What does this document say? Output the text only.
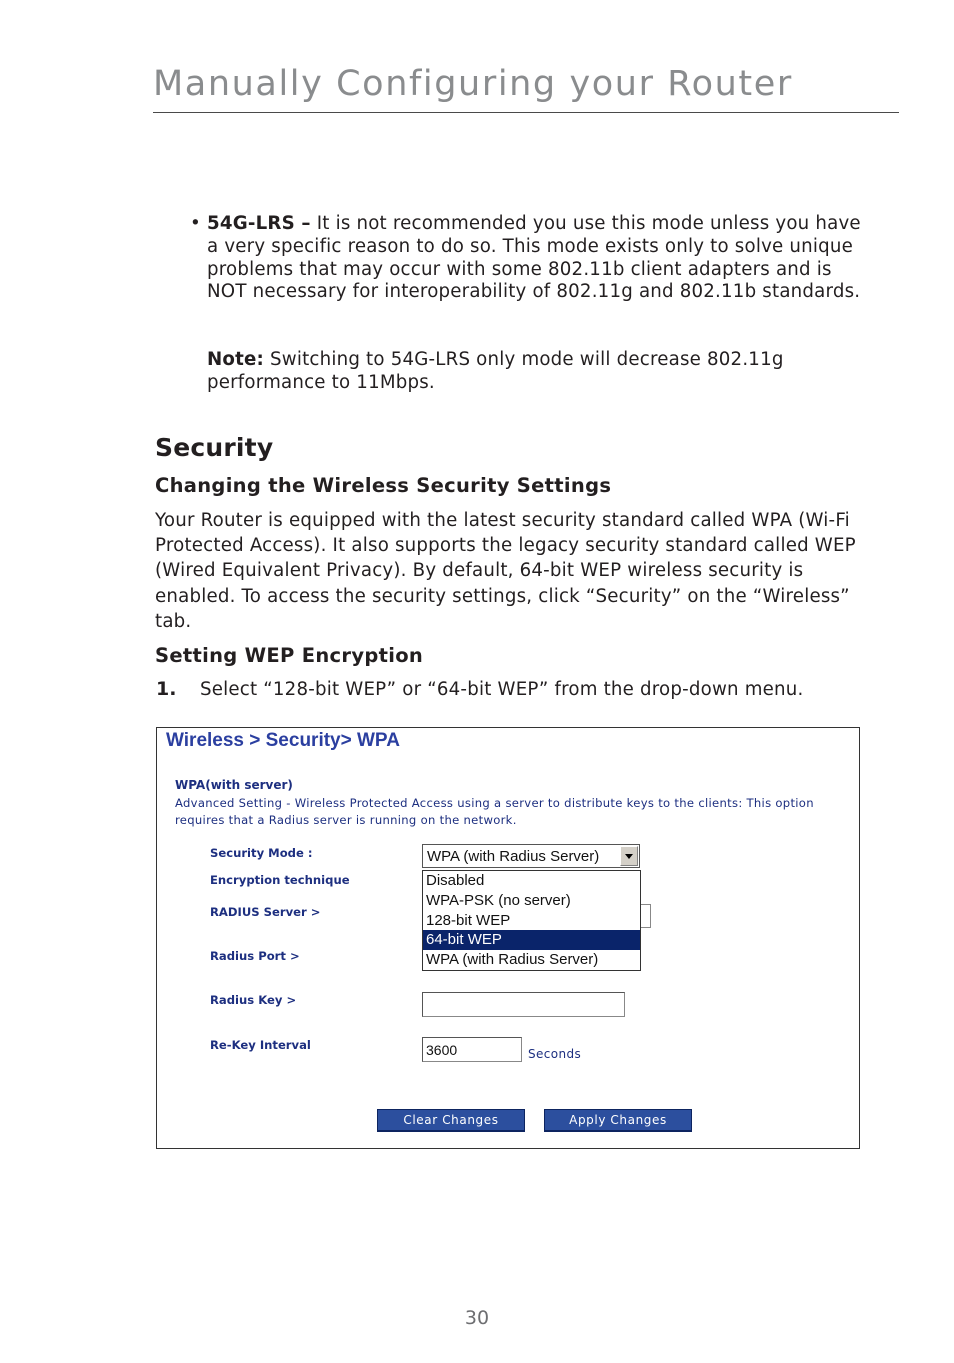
Manually Configuring your Router
• 54G-LRS – It is not recommended you use this mode unless you have a very specific reason to do so. This mode exists only to solve unique problems that may occur with some 802.11b client adapters and is NOT necessary for interoperability of 802.11g and 802.11b standards.
Note: Switching to 54G-LRS only mode will decrease 802.11g performance to 11Mbps.
Security
Changing the Wireless Security Settings
Your Router is equipped with the latest security standard called WPA (Wi-Fi Protected Access). It also supports the legacy security standard called WEP (Wired Equivalent Privacy). By default, 64-bit WEP wireless security is enabled. To access the security settings, click “Security” on the “Wireless” tab.
Setting WEP Encryption
1. Select “128-bit WEP” or “64-bit WEP” from the drop-down menu.
Wireless > Security> WPA
WPA(with server)
Advanced Setting - Wireless Protected Access using a server to distribute keys to the clients: This option requires that a Radius server is running on the network.
Security Mode :
Encryption technique
RADIUS Server >
Radius Port >
Radius Key >
Re-Key Interval
WPA (with Radius Server)
Disabled
WPA-PSK (no server)
128-bit WEP
64-bit WEP
WPA (with Radius Server)
3600	Seconds
Clear Changes	Apply Changes
30
